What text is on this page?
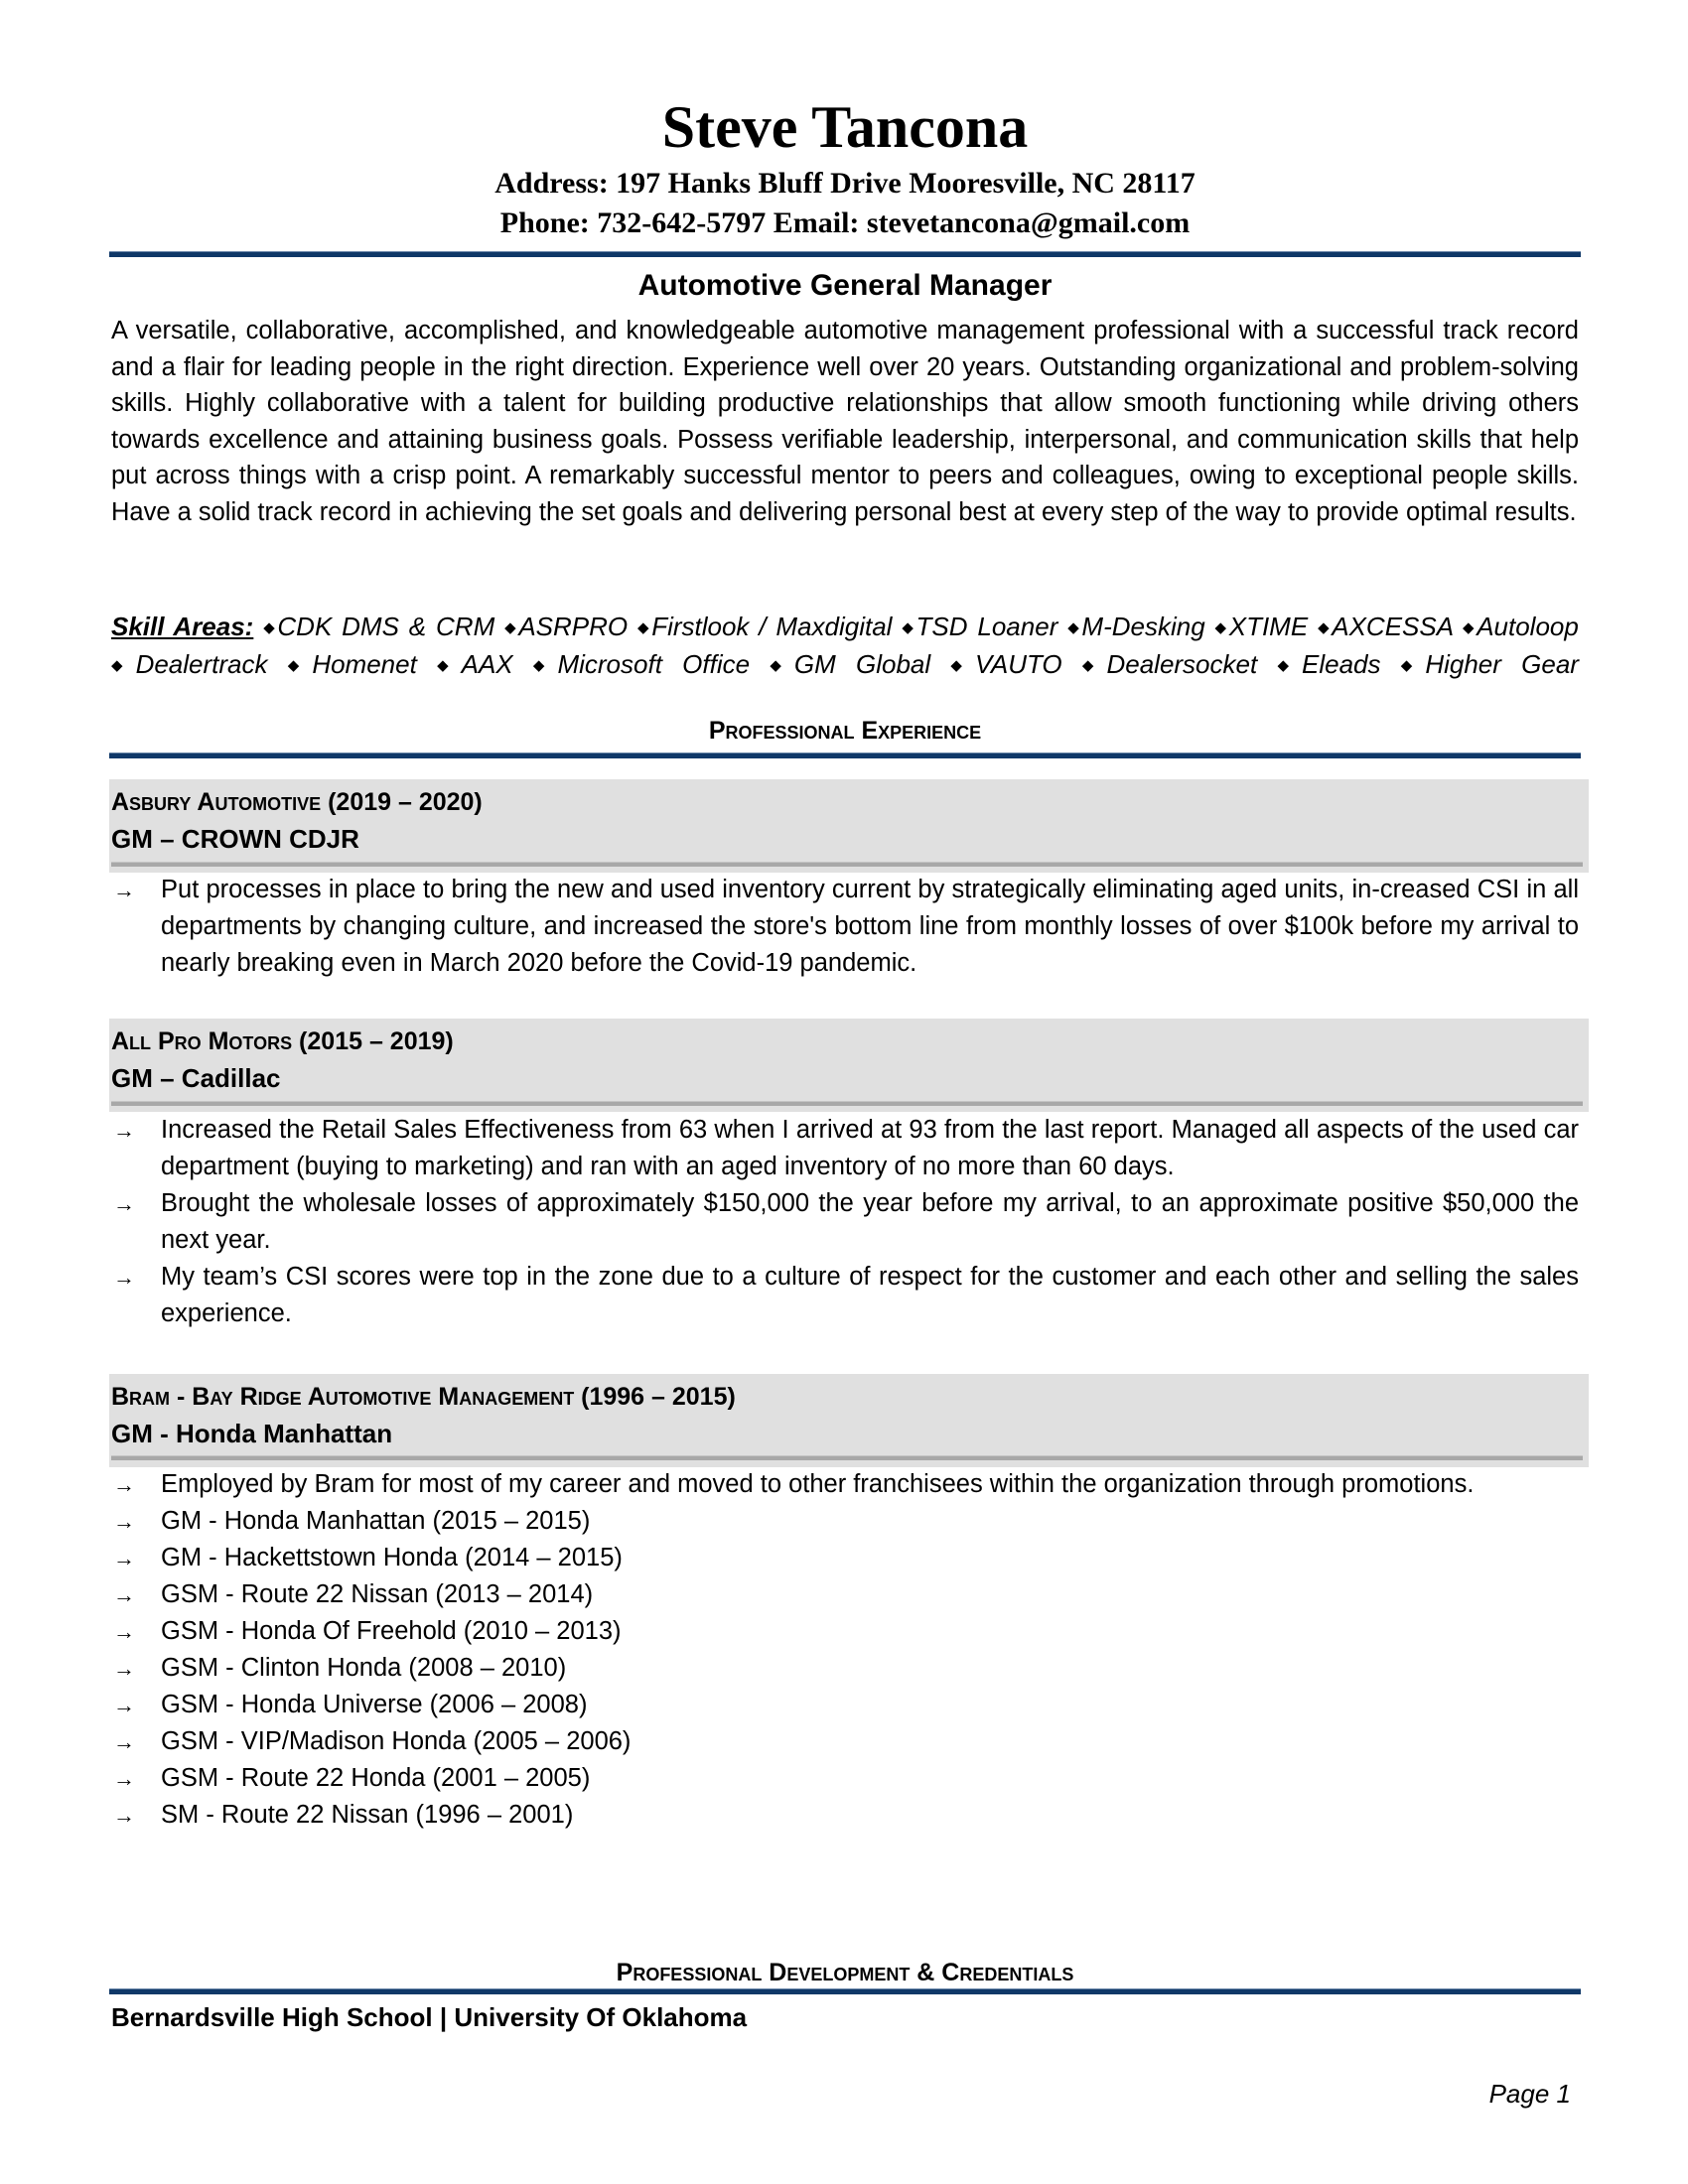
Steve Tancona
Address: 197 Hanks Bluff Drive Mooresville, NC 28117
Phone: 732-642-5797 Email: stevetancona@gmail.com
Automotive General Manager
A versatile, collaborative, accomplished, and knowledgeable automotive management professional with a successful track record and a flair for leading people in the right direction. Experience well over 20 years. Outstanding organizational and problem-solving skills. Highly collaborative with a talent for building productive relationships that allow smooth functioning while driving others towards excellence and attaining business goals. Possess verifiable leadership, interpersonal, and communication skills that help put across things with a crisp point. A remarkably successful mentor to peers and colleagues, owing to exceptional people skills. Have a solid track record in achieving the set goals and delivering personal best at every step of the way to provide optimal results.
Skill Areas: ◆CDK DMS & CRM ◆ASRPRO ◆Firstlook / Maxdigital ◆TSD Loaner ◆M-Desking ◆XTIME ◆AXCESSA ◆Autoloop ◆Dealertrack ◆Homenet ◆AAX ◆Microsoft Office ◆GM Global ◆VAUTO ◆Dealersocket ◆Eleads ◆Higher Gear
Professional Experience
Asbury Automotive (2019 – 2020)
GM – CROWN CDJR
→ Put processes in place to bring the new and used inventory current by strategically eliminating aged units, in-creased CSI in all departments by changing culture, and increased the store's bottom line from monthly losses of over $100k before my arrival to nearly breaking even in March 2020 before the Covid-19 pandemic.
All Pro Motors (2015 – 2019)
GM – Cadillac
→ Increased the Retail Sales Effectiveness from 63 when I arrived at 93 from the last report. Managed all aspects of the used car department (buying to marketing) and ran with an aged inventory of no more than 60 days.
→ Brought the wholesale losses of approximately $150,000 the year before my arrival, to an approximate positive $50,000 the next year.
→ My team’s CSI scores were top in the zone due to a culture of respect for the customer and each other and selling the sales experience.
Bram - Bay Ridge Automotive Management (1996 – 2015)
GM - Honda Manhattan
→ Employed by Bram for most of my career and moved to other franchisees within the organization through promotions.
→ GM - Honda Manhattan (2015 – 2015)
→ GM - Hackettstown Honda (2014 – 2015)
→ GSM - Route 22 Nissan (2013 – 2014)
→ GSM - Honda Of Freehold (2010 – 2013)
→ GSM - Clinton Honda (2008 – 2010)
→ GSM - Honda Universe (2006 – 2008)
→ GSM - VIP/Madison Honda (2005 – 2006)
→ GSM - Route 22 Honda (2001 – 2005)
→ SM - Route 22 Nissan (1996 – 2001)
Professional Development & Credentials
Bernardsville High School | University Of Oklahoma
Page 1
